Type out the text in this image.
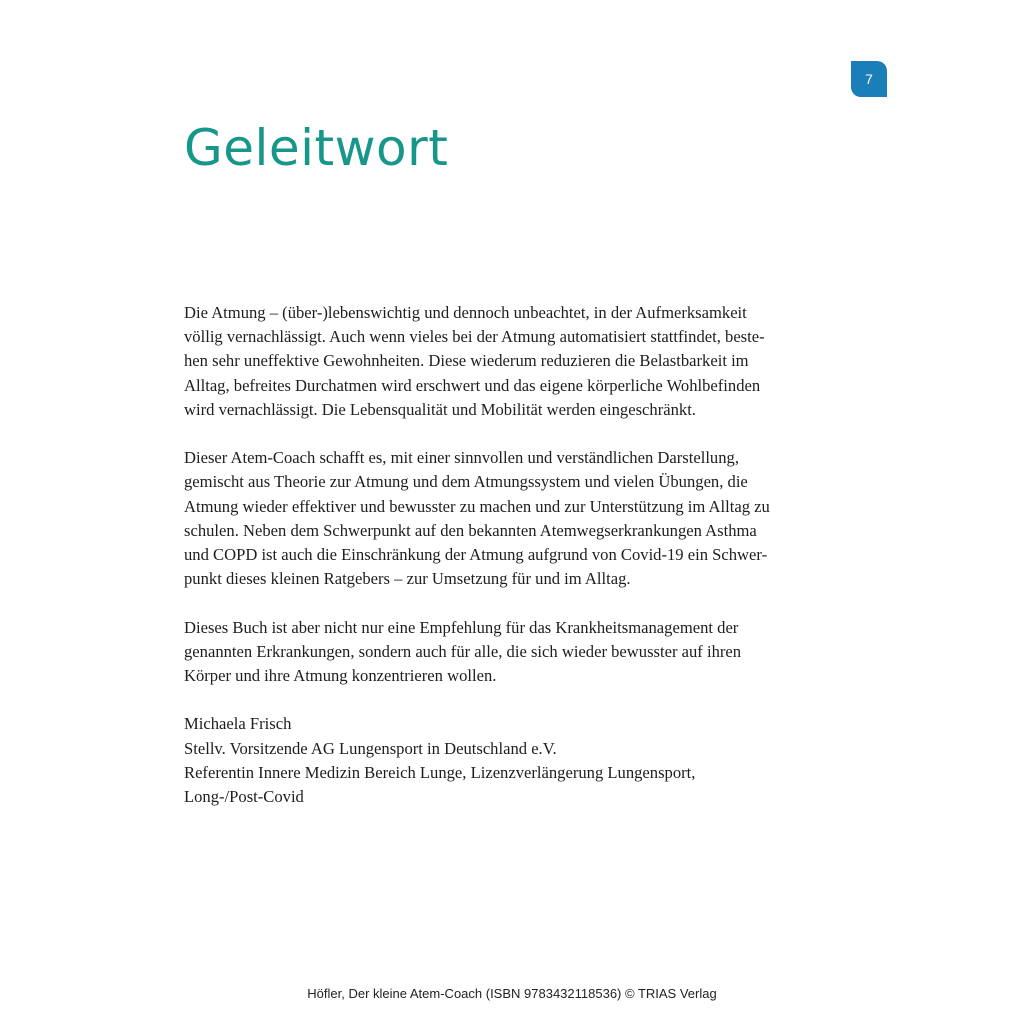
7
Geleitwort

Die Atmung – (über-)lebenswichtig und dennoch unbeachtet, in der Aufmerksamkeit
völlig vernachlässigt. Auch wenn vieles bei der Atmung automatisiert stattfindet, beste-
hen sehr uneffektive Gewohnheiten. Diese wiederum reduzieren die Belastbarkeit im
Alltag, befreites Durchatmen wird erschwert und das eigene körperliche Wohlbefinden
wird vernachlässigt. Die Lebensqualität und Mobilität werden eingeschränkt.

Dieser Atem-Coach schafft es, mit einer sinnvollen und verständlichen Darstellung,
gemischt aus Theorie zur Atmung und dem Atmungssystem und vielen Übungen, die
Atmung wieder effektiver und bewusster zu machen und zur Unterstützung im Alltag zu
schulen. Neben dem Schwerpunkt auf den bekannten Atemwegserkrankungen Asthma
und COPD ist auch die Einschränkung der Atmung aufgrund von Covid-19 ein Schwer-
punkt dieses kleinen Ratgebers – zur Umsetzung für und im Alltag.

Dieses Buch ist aber nicht nur eine Empfehlung für das Krankheitsmanagement der
genannten Erkrankungen, sondern auch für alle, die sich wieder bewusster auf ihren
Körper und ihre Atmung konzentrieren wollen.

Michaela Frisch
Stellv. Vorsitzende AG Lungensport in Deutschland e.V.
Referentin Innere Medizin Bereich Lunge, Lizenzverlängerung Lungensport,
Long-/Post-Covid

Höfler, Der kleine Atem-Coach (ISBN 9783432118536) © TRIAS Verlag
